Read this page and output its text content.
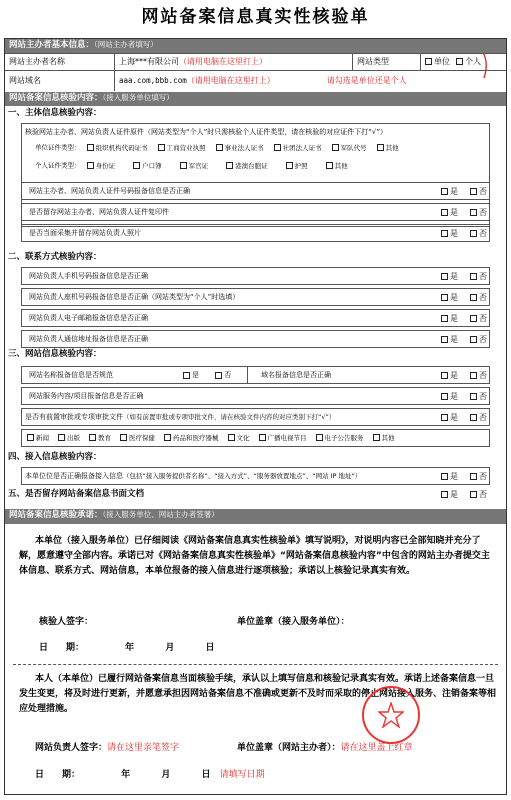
网站备案信息真实性核验单
网站主办者基本信息：（网站主办者填写）
网站主办者名称	上海***有限公司 （请用电脑在这里打上）	网站类型	单位	个人
网站域名	aaa.com,bbb.com （请用电脑在这里打上）	请勾选是单位还是个人
网站备案信息核验内容：（接入服务单位填写）
一、主体信息核验内容：
核验网站主办者、网站负责人证件原件（网站类型为“个人”时只需核验个人证件类型，请在核验的对应证件下打“√”）
单位证件类型： 组织机构代码证书	工商营业执照	事业法人证书	社团法人证书	军队代号	其他
个人证件类型： 身份证	户口簿	军官证	港澳台胞证	护照	其他
网站主办者、网站负责人证件号码报备信息是否正确	是	否
是否留存网站主办者、网站负责人证件复印件	是	否
是否当面采集并留存网站负责人照片	是	否
二、联系方式核验内容：
网站负责人手机号码报备信息是否正确	是	否
网站负责人座机号码报备信息是否正确（网站类型为“个人”时选填）	是	否
网站负责人电子邮箱报备信息是否正确	是	否
网站负责人通信地址报备信息是否正确	是	否
三、网站信息核验内容：
网站名称报备信息是否规范	是	否	域名报备信息是否正确	是	否
网站服务内容/项目报备信息是否正确	是	否
是否有前置审批或专项审批文件（如有前置审批或专项审批文件，请在核验文件内容的对应类别下打“√”）	是	否
新闻	出版	教育	医疗保健	药品和医疗器械	文化	广播电视节目	电子公告服务	其他
四、接入信息核验内容：
本单位位是否正确报备接入信息（包括“接入服务提供者名称”、“接入方式”、“服务器放置地点”、“网站 IP 地址”）	是	否
五、是否留存网站备案信息书面文档	是	否
网站备案信息核验承诺：（接入服务单位、网站主办者签署）
本单位（接入服务单位）已仔细阅读《网站备案信息真实性核验单》填写说明》，对说明内容已全部知晓并充分了解，愿意遵守全部内容。承诺已对《网站备案信息真实性核验单》“网站备案信息核验内容”中包含的网站主办者提交主体信息、联系方式、网站信息，本单位报备的接入信息进行逐项核验；承诺以上核验记录真实有效。
核验人签字：	单位盖章（接入服务单位）：
日　　期：	年	月	日
本人（本单位）已履行网站备案信息当面核验手续，承认以上填写信息和核验记录真实有效。承诺上述备案信息一旦发生变更，将及时进行更新，并愿意承担因网站备案信息不准确或更新不及时而采取的停止网站接入服务、注销备案等相应处理措施。
网站负责人签字：请在这里亲笔签字	单位盖章（网站主办者）：请在这里盖上红章
日　　期：	年	月	日 请填写日期
